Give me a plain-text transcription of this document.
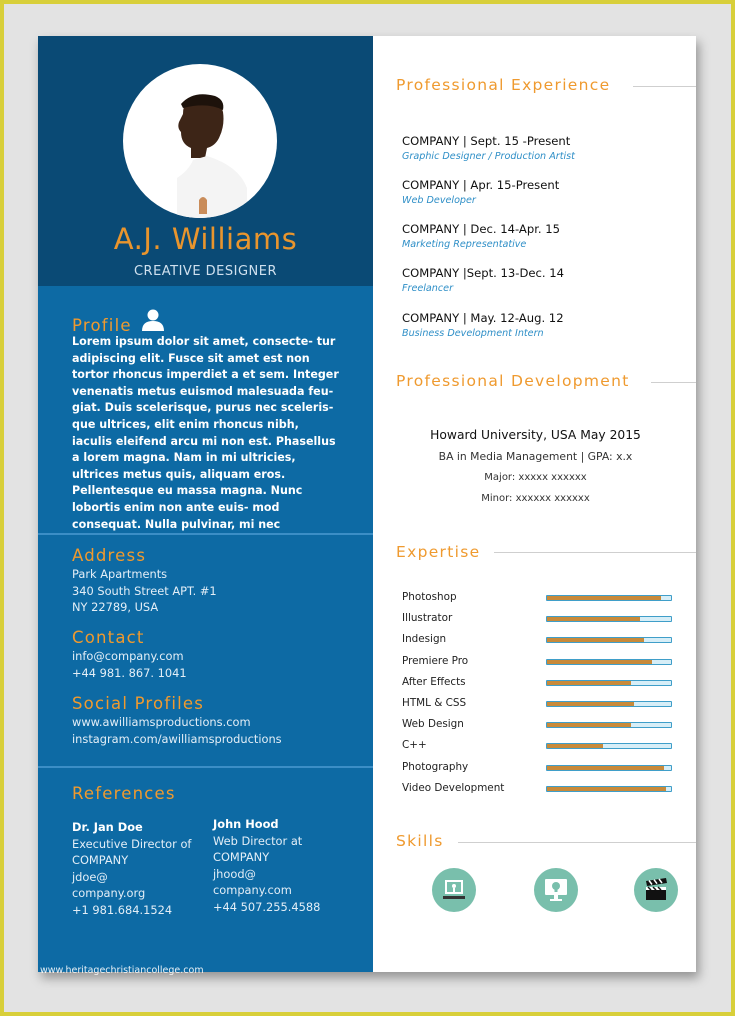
A.J. Williams
CREATIVE DESIGNER
Profile
Lorem ipsum dolor sit amet, consecte- tur adipiscing elit. Fusce sit amet est non tortor rhoncus imperdiet a et sem. Integer venenatis metus euismod malesuada feu- giat. Duis scelerisque, purus nec sceleris- que ultrices, elit enim rhoncus nibh, iaculis eleifend arcu mi non est. Phasellus a lorem magna. Nam in mi ultricies, ultrices metus quis, aliquam eros. Pellentesque eu massa magna. Nunc lobortis enim non ante euis- mod consequat. Nulla pulvinar, mi nec
Address
Park Apartments
340 South Street APT. #1
NY 22789, USA
Contact
info@company.com
+44 981. 867. 1041
Social Profiles
www.awilliamsproductions.com
instagram.com/awilliamsproductions
References
Dr. Jan Doe
Executive Director of
COMPANY
jdoe@
company.org
+1 981.684.1524
John Hood
Web Director at
COMPANY
jhood@
company.com
+44 507.255.4588
Professional Experience
COMPANY | Sept. 15 -Present
Graphic Designer / Production Artist
COMPANY | Apr. 15-Present
Web Developer
COMPANY | Dec. 14-Apr. 15
Marketing Representative
COMPANY |Sept. 13-Dec. 14
Freelancer
COMPANY | May. 12-Aug. 12
Business Development Intern
Professional Development
Howard University, USA May 2015
BA in Media Management | GPA: x.x
Major: xxxxx xxxxxx
Minor: xxxxxx xxxxxx
Expertise
Photoshop
Illustrator
Indesign
Premiere Pro
After Effects
HTML & CSS
Web Design
C++
Photography
Video Development
Skills
www.heritagechristiancollege.com
